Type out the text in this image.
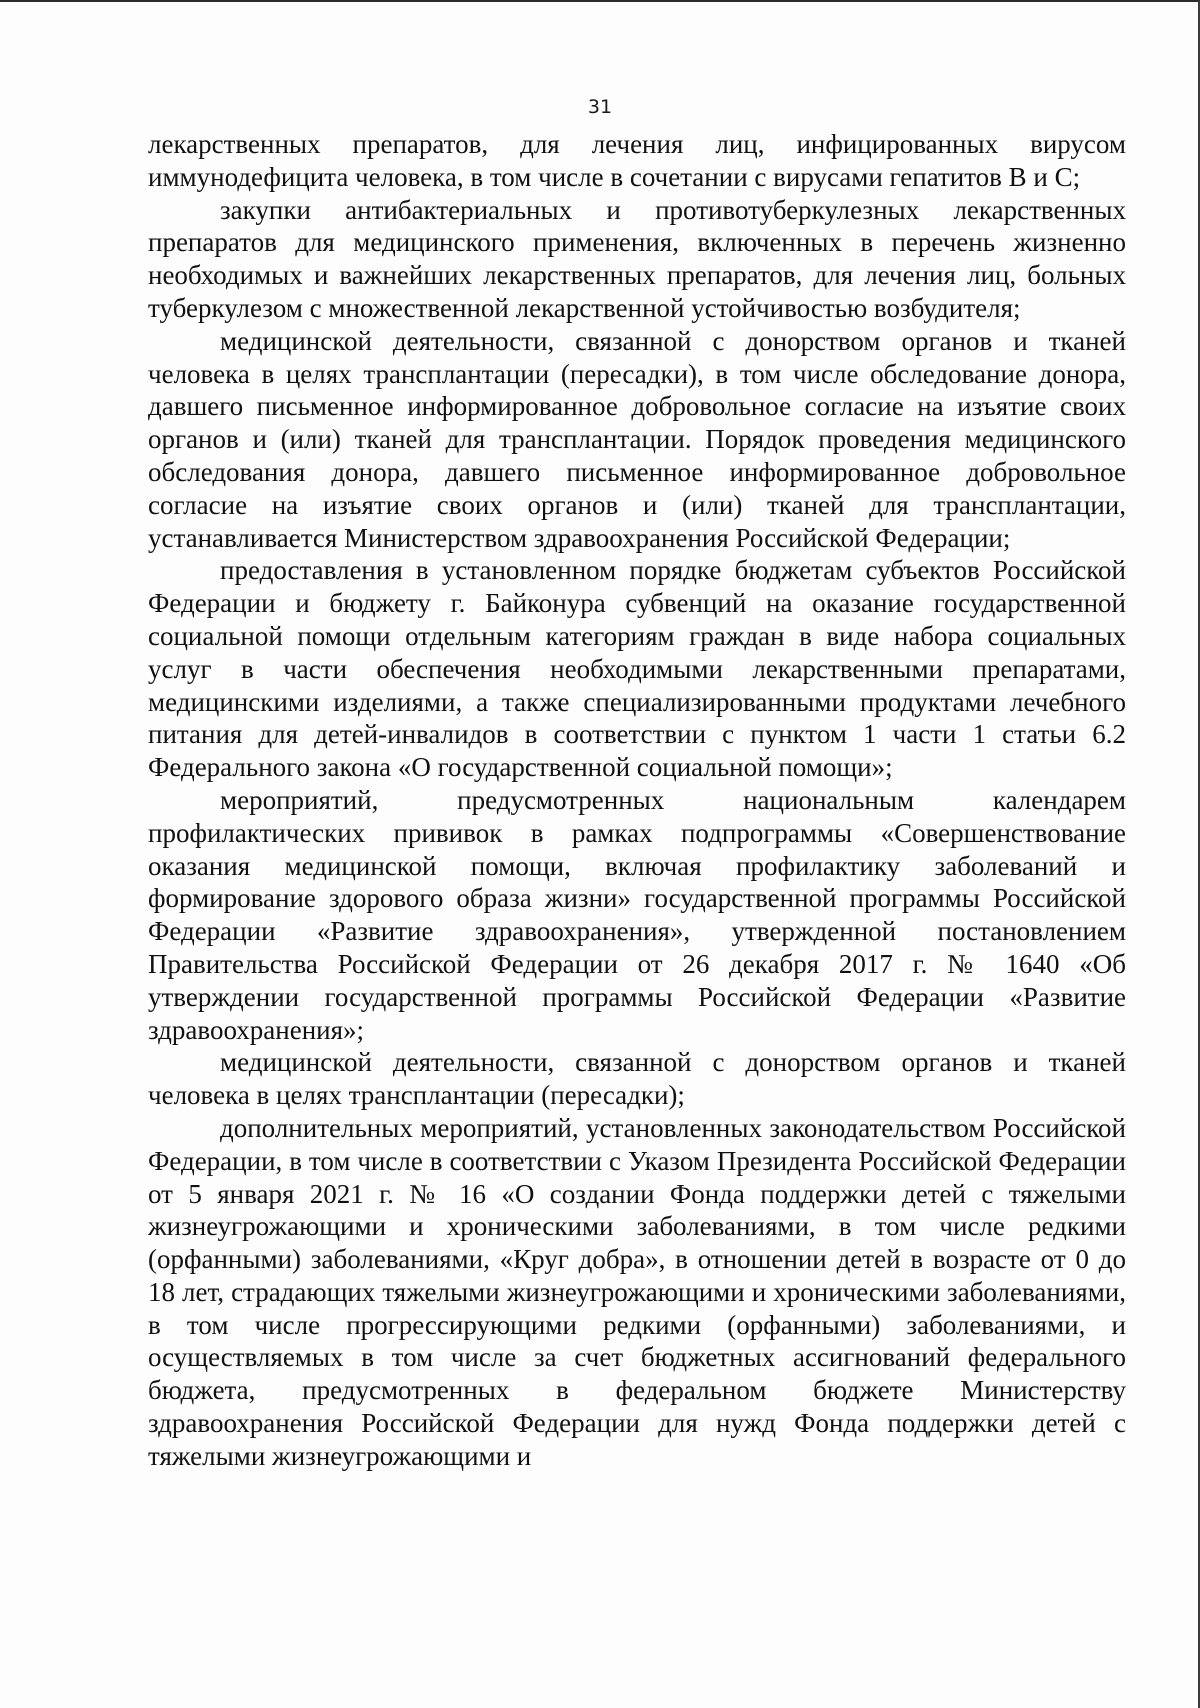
31

лекарственных препаратов, для лечения лиц, инфицированных вирусом иммунодефицита человека, в том числе в сочетании с вирусами гепатитов В и С;

закупки антибактериальных и противотуберкулезных лекарственных препаратов для медицинского применения, включенных в перечень жизненно необходимых и важнейших лекарственных препаратов, для лечения лиц, больных туберкулезом с множественной лекарственной устойчивостью возбудителя;

медицинской деятельности, связанной с донорством органов и тканей человека в целях трансплантации (пересадки), в том числе обследование донора, давшего письменное информированное добровольное согласие на изъятие своих органов и (или) тканей для трансплантации. Порядок проведения медицинского обследования донора, давшего письменное информированное добровольное согласие на изъятие своих органов и (или) тканей для трансплантации, устанавливается Министерством здравоохранения Российской Федерации;

предоставления в установленном порядке бюджетам субъектов Российской Федерации и бюджету г. Байконура субвенций на оказание государственной социальной помощи отдельным категориям граждан в виде набора социальных услуг в части обеспечения необходимыми лекарственными препаратами, медицинскими изделиями, а также специализированными продуктами лечебного питания для детей-инвалидов в соответствии с пунктом 1 части 1 статьи 6.2 Федерального закона «О государственной социальной помощи»;

мероприятий, предусмотренных национальным календарем профилактических прививок в рамках подпрограммы «Совершенствование оказания медицинской помощи, включая профилактику заболеваний и формирование здорового образа жизни» государственной программы Российской Федерации «Развитие здравоохранения», утвержденной постановлением Правительства Российской Федерации от 26 декабря 2017 г. № 1640 «Об утверждении государственной программы Российской Федерации «Развитие здравоохранения»;

медицинской деятельности, связанной с донорством органов и тканей человека в целях трансплантации (пересадки);

дополнительных мероприятий, установленных законодательством Российской Федерации, в том числе в соответствии с Указом Президента Российской Федерации от 5 января 2021 г. № 16 «О создании Фонда поддержки детей с тяжелыми жизнеугрожающими и хроническими заболеваниями, в том числе редкими (орфанными) заболеваниями, «Круг добра», в отношении детей в возрасте от 0 до 18 лет, страдающих тяжелыми жизнеугрожающими и хроническими заболеваниями, в том числе прогрессирующими редкими (орфанными) заболеваниями, и осуществляемых в том числе за счет бюджетных ассигнований федерального бюджета, предусмотренных в федеральном бюджете Министерству здравоохранения Российской Федерации для нужд Фонда поддержки детей с тяжелыми жизнеугрожающими и
